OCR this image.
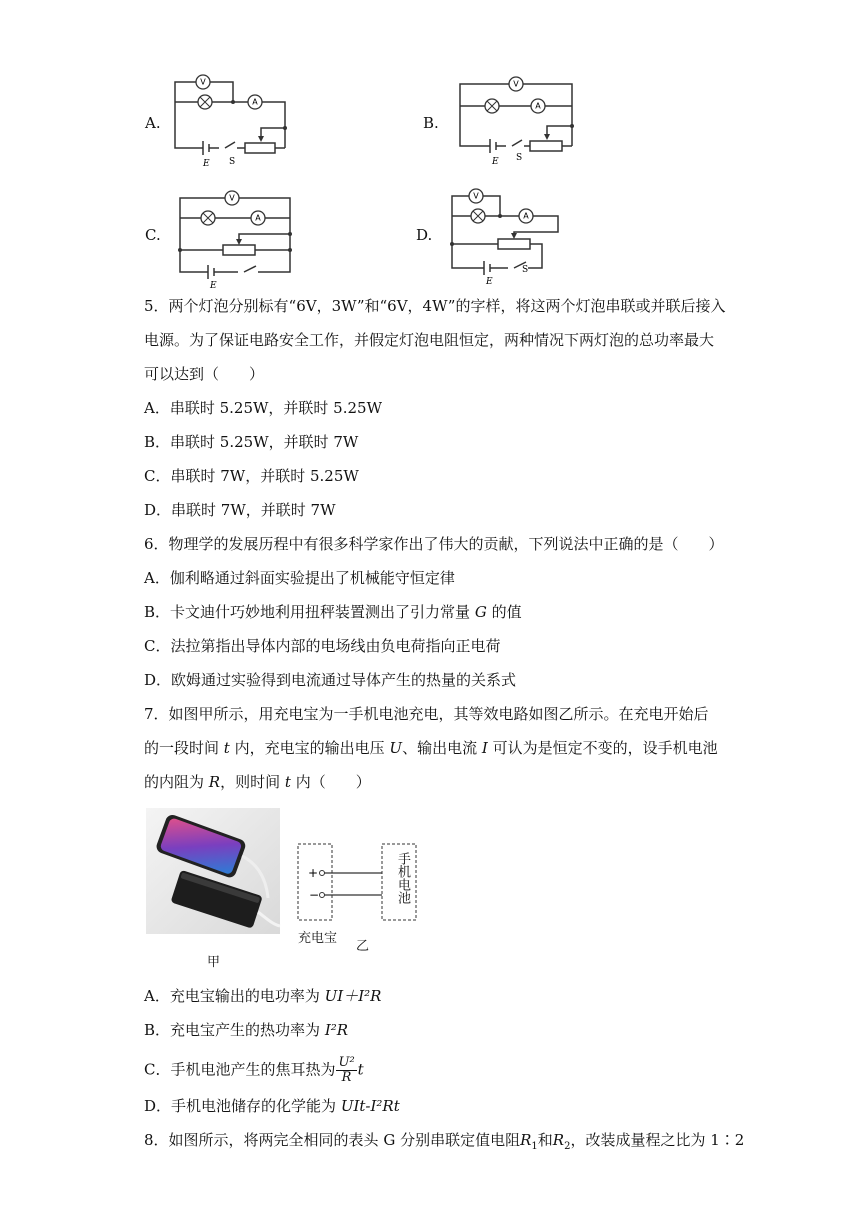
A.	B.
C.	D.
V
A
E S
V
A
E S
V
A
E
V
A
E
S
5．两个灯泡分别标有“6V，3W”和“6V，4W”的字样，将这两个灯泡串联或并联后接入
电源。为了保证电路安全工作，并假定灯泡电阻恒定，两种情况下两灯泡的总功率最大
可以达到（　　）
A．串联时 5.25W，并联时 5.25W
B．串联时 5.25W，并联时 7W
C．串联时 7W，并联时 5.25W
D．串联时 7W，并联时 7W
6．物理学的发展历程中有很多科学家作出了伟大的贡献，下列说法中正确的是（　　）
A．伽利略通过斜面实验提出了机械能守恒定律
B．卡文迪什巧妙地利用扭秤装置测出了引力常量 G 的值
C．法拉第指出导体内部的电场线由负电荷指向正电荷
D．欧姆通过实验得到电流通过导体产生的热量的关系式
7．如图甲所示，用充电宝为一手机电池充电，其等效电路如图乙所示。在充电开始后
的一段时间 t 内，充电宝的输出电压 U、输出电流 I 可认为是恒定不变的，设手机电池
的内阻为 R，则时间 t 内（　　）
甲
+
−	手机电池
充电宝
乙
A．充电宝输出的电功率为 UI＋I²R
B．充电宝产生的热功率为 I²R
C．手机电池产生的焦耳热为 $\frac{\text{U²}}{R}$ t
D．手机电池储存的化学能为 UIt-I²Rt
8．如图所示，将两完全相同的表头 G 分别串联定值电阻$R_1$和$R_2$，改装成量程之比为 1∶2
